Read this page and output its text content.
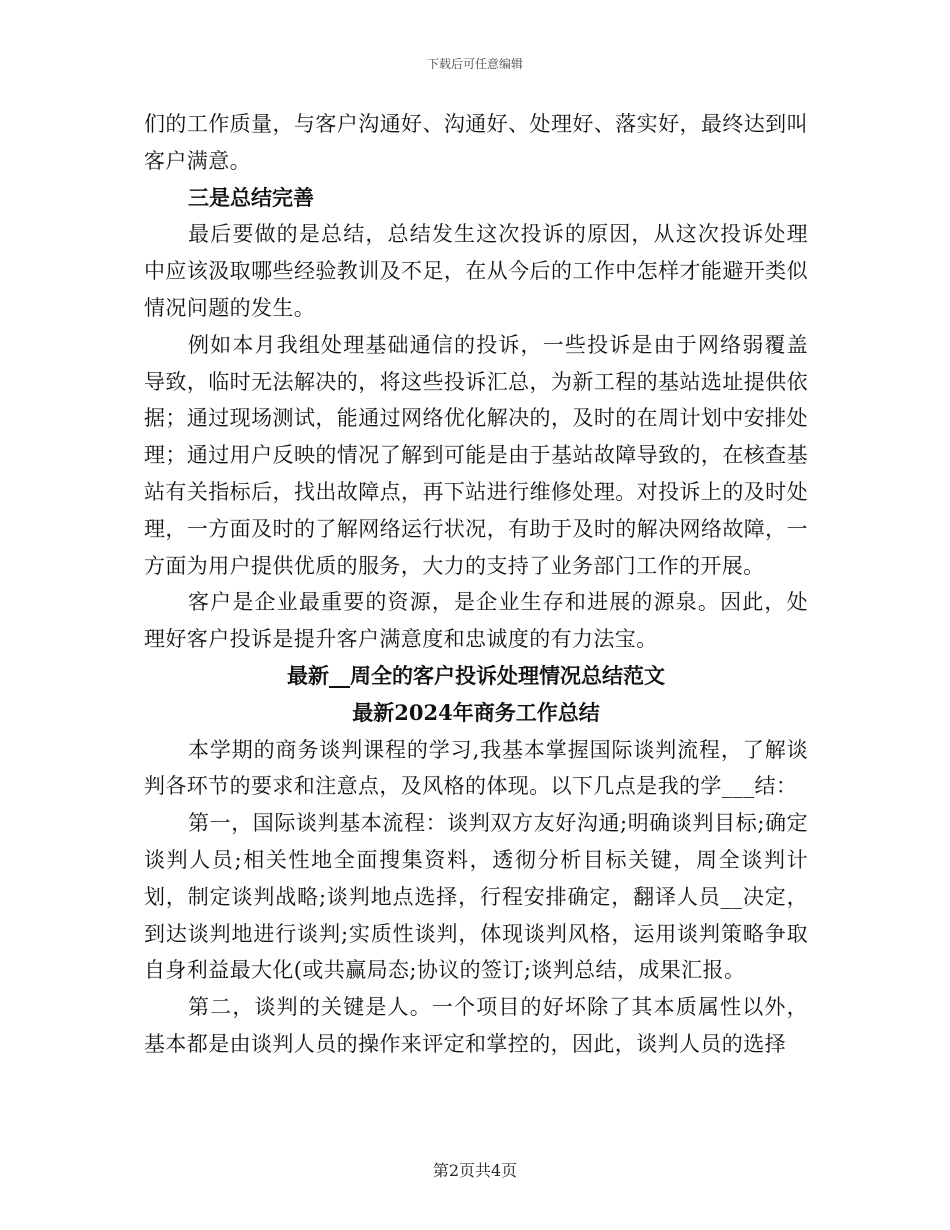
下载后可任意编辑

们的工作质量，与客户沟通好、沟通好、处理好、落实好，最终达到叫客户满意。

三是总结完善

最后要做的是总结，总结发生这次投诉的原因，从这次投诉处理中应该汲取哪些经验教训及不足，在从今后的工作中怎样才能避开类似情况问题的发生。

例如本月我组处理基础通信的投诉，一些投诉是由于网络弱覆盖导致，临时无法解决的，将这些投诉汇总，为新工程的基站选址提供依据；通过现场测试，能通过网络优化解决的，及时的在周计划中安排处理；通过用户反映的情况了解到可能是由于基站故障导致的，在核查基站有关指标后，找出故障点，再下站进行维修处理。对投诉上的及时处理，一方面及时的了解网络运行状况，有助于及时的解决网络故障，一方面为用户提供优质的服务，大力的支持了业务部门工作的开展。

客户是企业最重要的资源，是企业生存和进展的源泉。因此，处理好客户投诉是提升客户满意度和忠诚度的有力法宝。

最新__周全的客户投诉处理情况总结范文

最新2024年商务工作总结

本学期的商务谈判课程的学习,我基本掌握国际谈判流程，了解谈判各环节的要求和注意点，及风格的体现。以下几点是我的学___结：

第一，国际谈判基本流程：谈判双方友好沟通;明确谈判目标;确定谈判人员;相关性地全面搜集资料，透彻分析目标关键，周全谈判计划，制定谈判战略;谈判地点选择，行程安排确定，翻译人员__决定，到达谈判地进行谈判;实质性谈判，体现谈判风格，运用谈判策略争取自身利益最大化(或共赢局态;协议的签订;谈判总结，成果汇报。

第二，谈判的关键是人。一个项目的好坏除了其本质属性以外，基本都是由谈判人员的操作来评定和掌控的，因此，谈判人员的选择

第2页共4页
